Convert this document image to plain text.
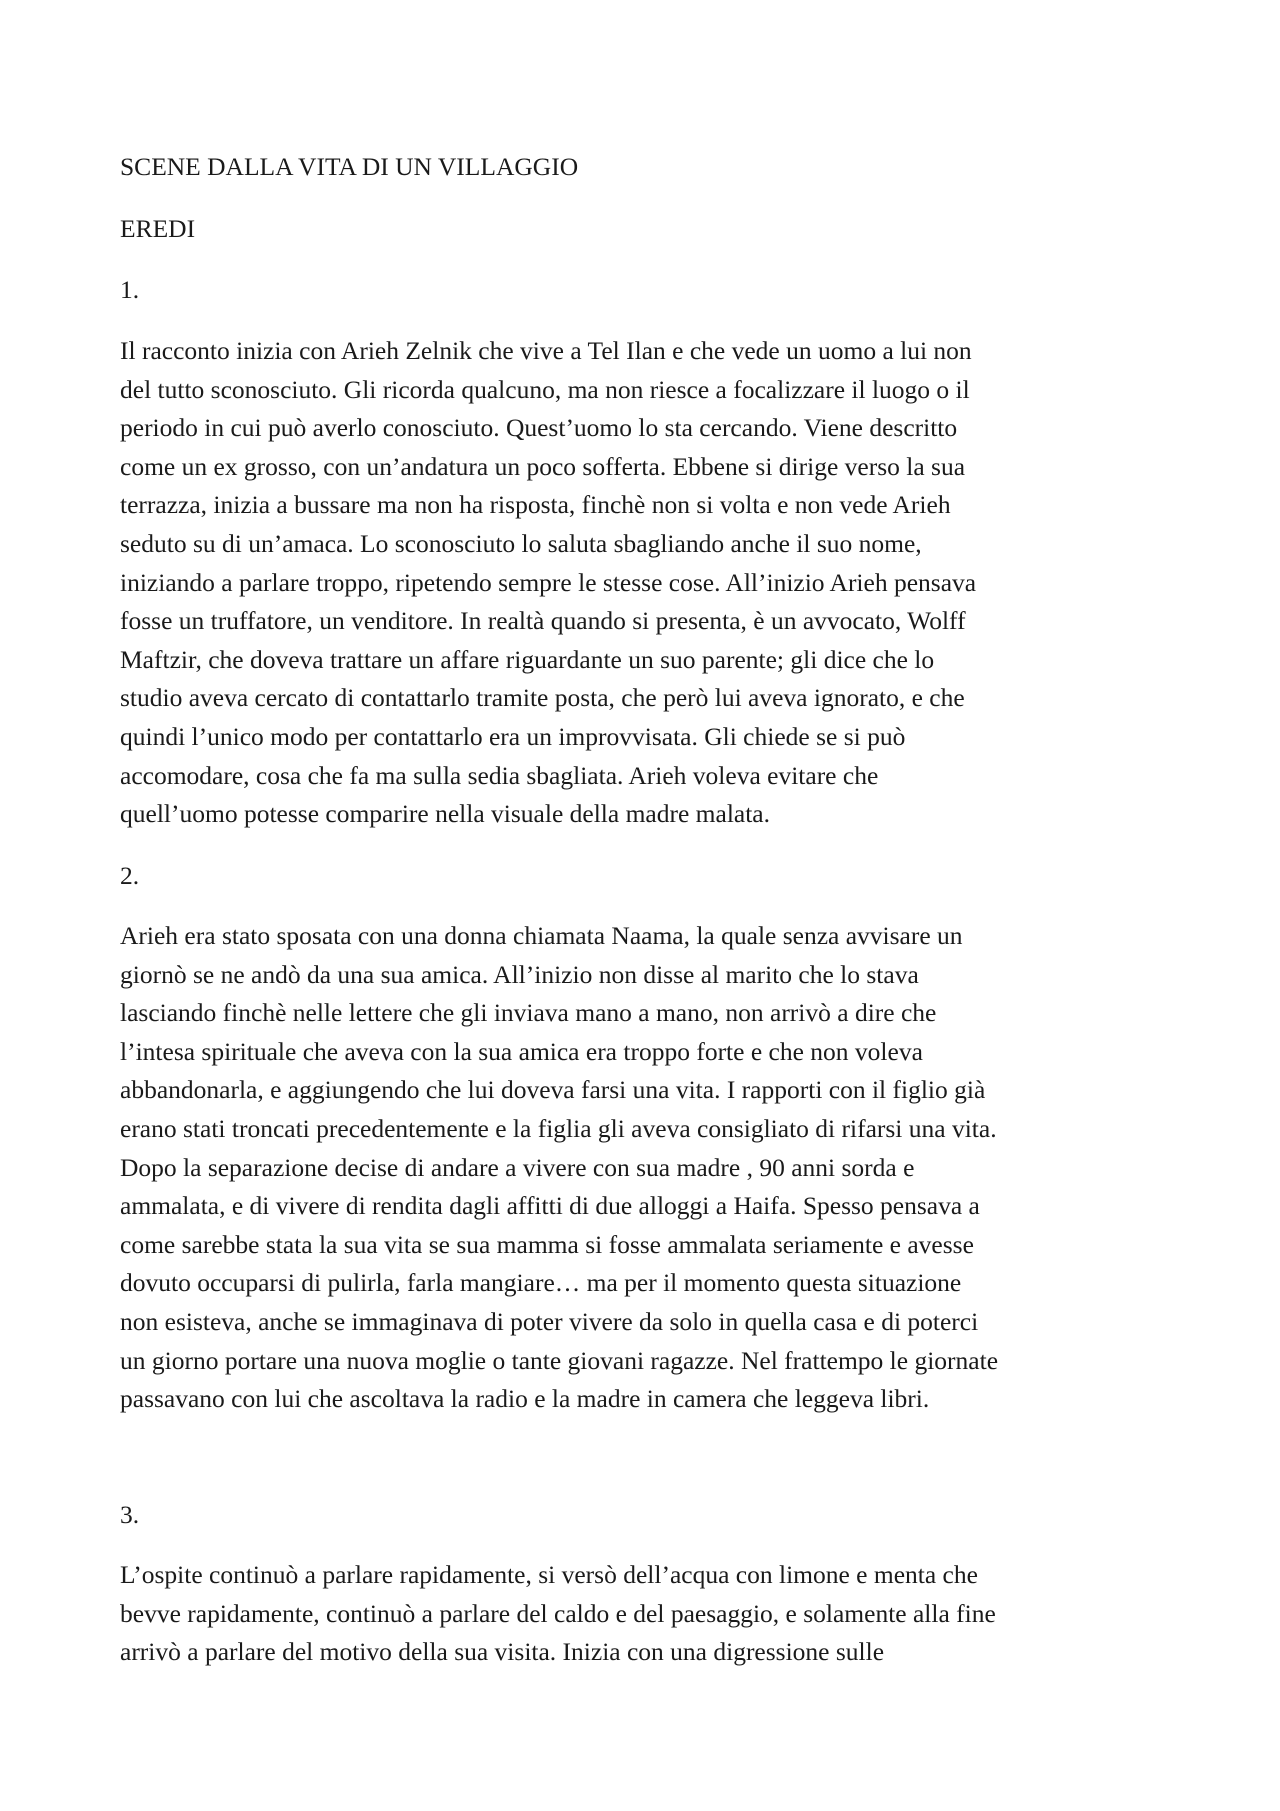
SCENE DALLA VITA DI UN VILLAGGIO

EREDI

1.

Il racconto inizia con Arieh Zelnik che vive a Tel Ilan e che vede un uomo a lui non
del tutto sconosciuto. Gli ricorda qualcuno, ma non riesce a focalizzare il luogo o il
periodo in cui può averlo conosciuto. Quest’uomo lo sta cercando. Viene descritto
come un ex grosso, con un’andatura un poco sofferta. Ebbene si dirige verso la sua
terrazza, inizia a bussare ma non ha risposta, finchè non si volta e non vede Arieh
seduto su di un’amaca. Lo sconosciuto lo saluta sbagliando anche il suo nome,
iniziando a parlare troppo, ripetendo sempre le stesse cose. All’inizio Arieh pensava
fosse un truffatore, un venditore. In realtà quando si presenta, è un avvocato, Wolff
Maftzir, che doveva trattare un affare riguardante un suo parente; gli dice che lo
studio aveva cercato di contattarlo tramite posta, che però lui aveva ignorato, e che
quindi l’unico modo per contattarlo era un improvvisata. Gli chiede se si può
accomodare, cosa che fa ma sulla sedia sbagliata. Arieh voleva evitare che
quell’uomo potesse comparire nella visuale della madre malata.

2.

Arieh era stato sposata con una donna chiamata Naama, la quale senza avvisare un
giornò se ne andò da una sua amica. All’inizio non disse al marito che lo stava
lasciando finchè nelle lettere che gli inviava mano a mano, non arrivò a dire che
l’intesa spirituale che aveva con la sua amica era troppo forte e che non voleva
abbandonarla, e aggiungendo che lui doveva farsi una vita. I rapporti con il figlio già
erano stati troncati precedentemente e la figlia gli aveva consigliato di rifarsi una vita.
Dopo la separazione decise di andare a vivere con sua madre , 90 anni sorda e
ammalata, e di vivere di rendita dagli affitti di due alloggi a Haifa. Spesso pensava a
come sarebbe stata la sua vita se sua mamma si fosse ammalata seriamente e avesse
dovuto occuparsi di pulirla, farla mangiare… ma per il momento questa situazione
non esisteva, anche se immaginava di poter vivere da solo in quella casa e di poterci
un giorno portare una nuova moglie o tante giovani ragazze. Nel frattempo le giornate
passavano con lui che ascoltava la radio e la madre in camera che leggeva libri.

3.

L’ospite continuò a parlare rapidamente, si versò dell’acqua con limone e menta che
bevve rapidamente, continuò a parlare del caldo e del paesaggio, e solamente alla fine
arrivò a parlare del motivo della sua visita. Inizia con una digressione sulle
